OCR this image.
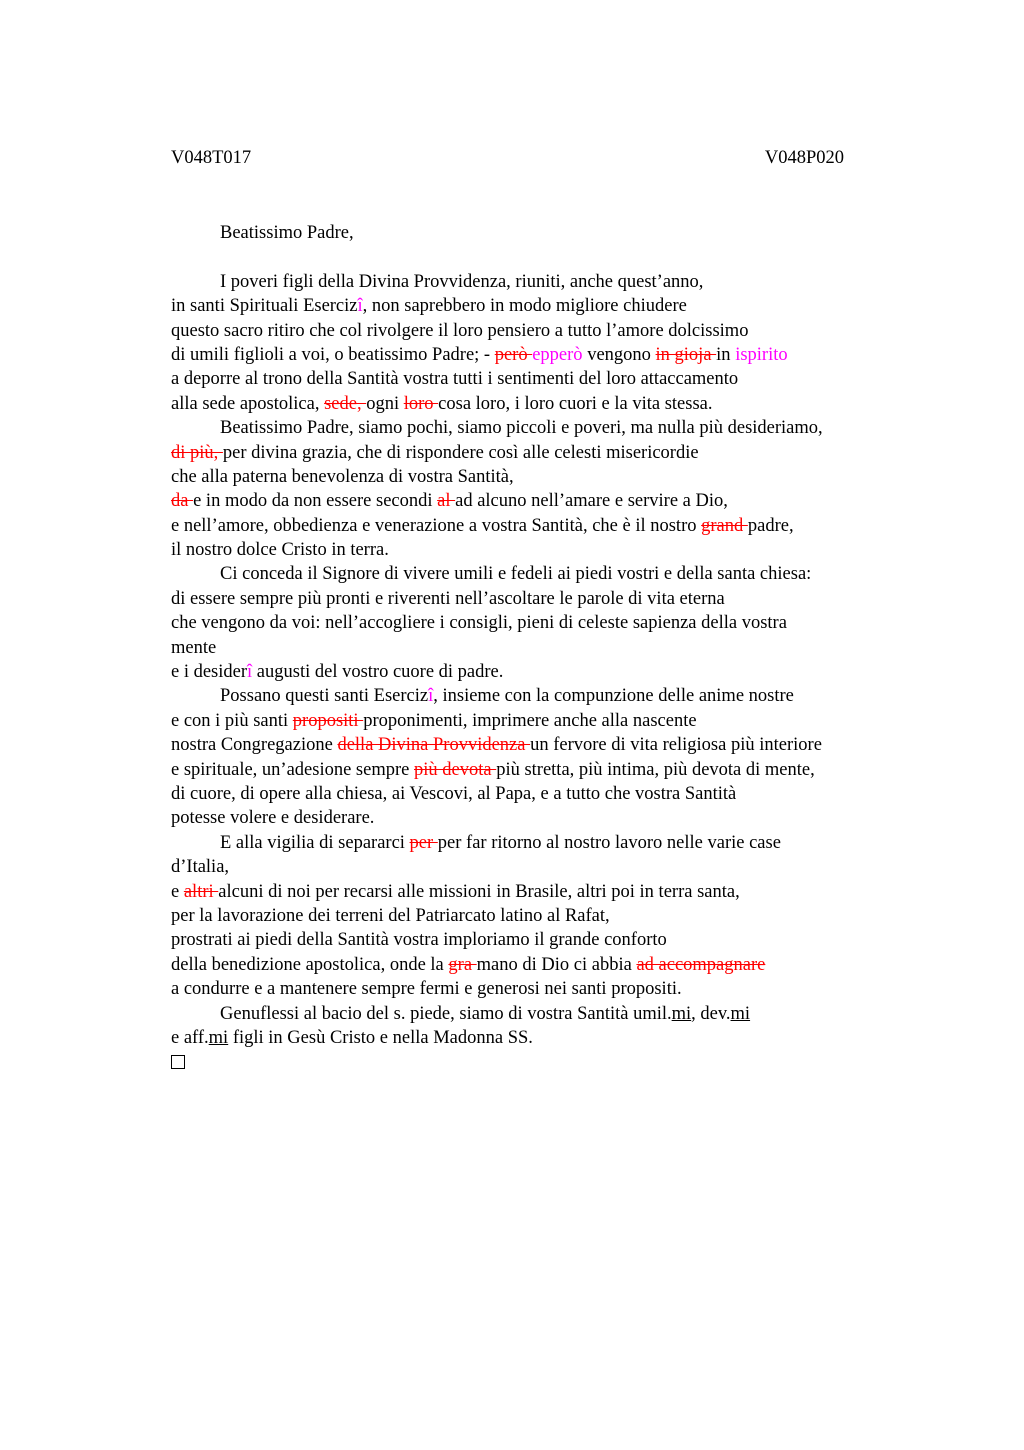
V048T017	V048P020
Beatissimo Padre,
I poveri figli della Divina Provvidenza, riuniti, anche quest’anno,
in santi Spirituali Esercizî, non saprebbero in modo migliore chiudere
questo sacro ritiro che col rivolgere il loro pensiero a tutto l’amore dolcissimo
di umili figlioli a voi, o beatissimo Padre; - però epperò vengono in gioja in ispirito
a deporre al trono della Santità vostra tutti i sentimenti del loro attaccamento
alla sede apostolica, sede, ogni loro cosa loro, i loro cuori e la vita stessa.
Beatissimo Padre, siamo pochi, siamo piccoli e poveri, ma nulla più desideriamo,
di più, per divina grazia, che di rispondere così alle celesti misericordie
che alla paterna benevolenza di vostra Santità,
da e in modo da non essere secondi al ad alcuno nell’amare e servire a Dio,
e nell’amore, obbedienza e venerazione a vostra Santità, che è il nostro grand padre,
il nostro dolce Cristo in terra.
Ci conceda il Signore di vivere umili e fedeli ai piedi vostri e della santa chiesa:
di essere sempre più pronti e riverenti nell’ascoltare le parole di vita eterna
che vengono da voi: nell’accogliere i consigli, pieni di celeste sapienza della vostra
mente
e i desiderî augusti del vostro cuore di padre.
Possano questi santi Esercizî, insieme con la compunzione delle anime nostre
e con i più santi propositi proponimenti, imprimere anche alla nascente
nostra Congregazione della Divina Provvidenza un fervore di vita religiosa più interiore
e spirituale, un’adesione sempre più devota più stretta, più intima, più devota di mente,
di cuore, di opere alla chiesa, ai Vescovi, al Papa, e a tutto che vostra Santità
potesse volere e desiderare.
E alla vigilia di separarci per per far ritorno al nostro lavoro nelle varie case
d’Italia,
e altri alcuni di noi per recarsi alle missioni in Brasile, altri poi in terra santa,
per la lavorazione dei terreni del Patriarcato latino al Rafat,
prostrati ai piedi della Santità vostra imploriamo il grande conforto
della benedizione apostolica, onde la gra mano di Dio ci abbia ad accompagnare
a condurre e a mantenere sempre fermi e generosi nei santi propositi.
Genuflessi al bacio del s. piede, siamo di vostra Santità umil.mi, dev.mi
e aff.mi figli in Gesù Cristo e nella Madonna SS.
